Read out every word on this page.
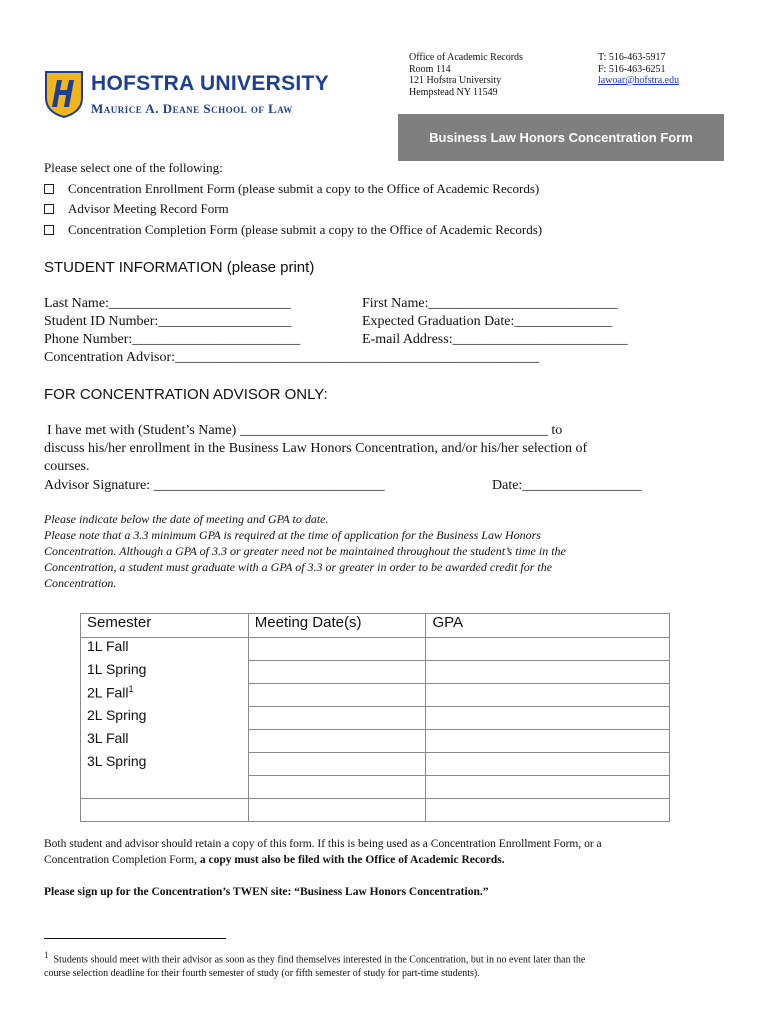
HOFSTRA UNIVERSITY
Maurice A. Deane School of Law
Office of Academic Records
Room 114
121 Hofstra University
Hempstead NY 11549
T: 516-463-5917
F: 516-463-6251
lawoar@hofstra.edu
Business Law Honors Concentration Form
Please select one of the following:
Concentration Enrollment Form (please submit a copy to the Office of Academic Records)
Advisor Meeting Record Form
Concentration Completion Form (please submit a copy to the Office of Academic Records)
STUDENT INFORMATION (please print)
Last Name:__________________________	First Name:___________________________
Student ID Number:___________________	Expected Graduation Date:______________
Phone Number:________________________	E-mail Address:_________________________
Concentration Advisor:____________________________________________________
FOR CONCENTRATION ADVISOR ONLY:
I have met with (Student’s Name) ____________________________________________ to
discuss his/her enrollment in the Business Law Honors Concentration, and/or his/her selection of
courses.
Advisor Signature: _________________________________	Date:_________________
Please indicate below the date of meeting and GPA to date.
Please note that a 3.3 minimum GPA is required at the time of application for the Business Law Honors
Concentration. Although a GPA of 3.3 or greater need not be maintained throughout the student’s time in the
Concentration, a student must graduate with a GPA of 3.3 or greater in order to be awarded credit for the
Concentration.
Semester	Meeting Date(s)	GPA
1L Fall		
1L Spring		
2L Fall$^1$		
2L Spring		
3L Fall		
3L Spring		

Both student and advisor should retain a copy of this form. If this is being used as a Concentration Enrollment Form, or a
Concentration Completion Form, a copy must also be filed with the Office of Academic Records.
Please sign up for the Concentration’s TWEN site: “Business Law Honors Concentration.”
$^1$ Students should meet with their advisor as soon as they find themselves interested in the Concentration, but in no event later than the
course selection deadline for their fourth semester of study (or fifth semester of study for part-time students).
